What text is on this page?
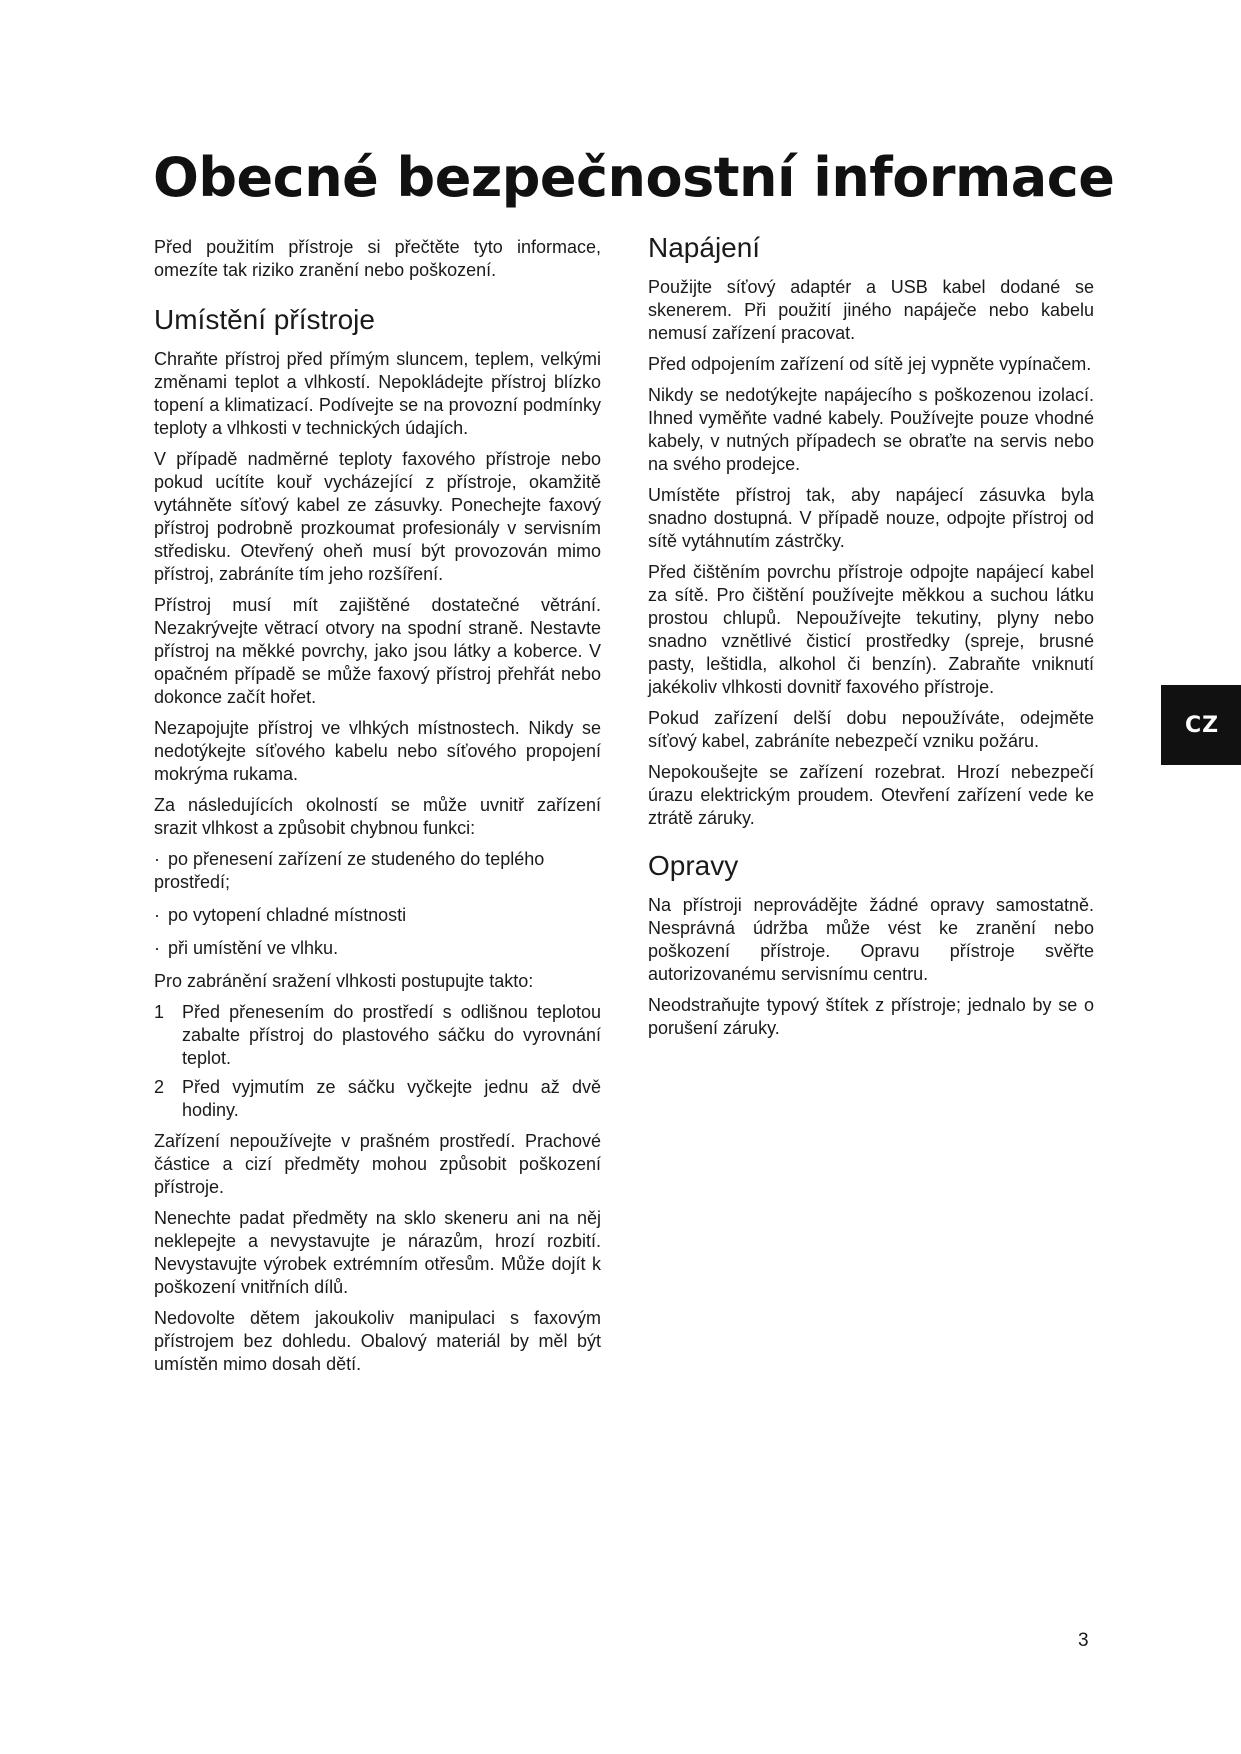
Obecné bezpečnostní informace

Před použitím přístroje si přečtěte tyto informace, omezíte tak riziko zranění nebo poškození.

Umístění přístroje

Chraňte přístroj před přímým sluncem, teplem, velkými změnami teplot a vlhkostí. Nepokládejte přístroj blízko topení a klimatizací. Podívejte se na provozní podmínky teploty a vlhkosti v technických údajích.

V případě nadměrné teploty faxového přístroje nebo pokud ucítíte kouř vycházející z přístroje, okamžitě vytáhněte síťový kabel ze zásuvky. Ponechejte faxový přístroj podrobně prozkoumat profesionály v servisním středisku. Otevřený oheň musí být provozován mimo přístroj, zabráníte tím jeho rozšíření.

Přístroj musí mít zajištěné dostatečné větrání. Nezakrývejte větrací otvory na spodní straně. Nestavte přístroj na měkké povrchy, jako jsou látky a koberce. V opačném případě se může faxový přístroj přehřát nebo dokonce začít hořet.

Nezapojujte přístroj ve vlhkých místnostech. Nikdy se nedotýkejte síťového kabelu nebo síťového propojení mokrýma rukama.

Za následujících okolností se může uvnitř zařízení srazit vlhkost a způsobit chybnou funkci:

· po přenesení zařízení ze studeného do teplého prostředí;
· po vytopení chladné místnosti
· při umístění ve vlhku.

Pro zabránění sražení vlhkosti postupujte takto:

1 Před přenesením do prostředí s odlišnou teplotou zabalte přístroj do plastového sáčku do vyrovnání teplot.
2 Před vyjmutím ze sáčku vyčkejte jednu až dvě hodiny.

Zařízení nepoužívejte v prašném prostředí. Prachové částice a cizí předměty mohou způsobit poškození přístroje.

Nenechte padat předměty na sklo skeneru ani na něj neklepejte a nevystavujte je nárazům, hrozí rozbití. Nevystavujte výrobek extrémním otřesům. Může dojít k poškození vnitřních dílů.

Nedovolte dětem jakoukoliv manipulaci s faxovým přístrojem bez dohledu. Obalový materiál by měl být umístěn mimo dosah dětí.

Napájení

Použijte síťový adaptér a USB kabel dodané se skenerem. Při použití jiného napáječe nebo kabelu nemusí zařízení pracovat.

Před odpojením zařízení od sítě jej vypněte vypínačem.

Nikdy se nedotýkejte napájecího s poškozenou izolací. Ihned vyměňte vadné kabely. Používejte pouze vhodné kabely, v nutných případech se obraťte na servis nebo na svého prodejce.

Umístěte přístroj tak, aby napájecí zásuvka byla snadno dostupná. V případě nouze, odpojte přístroj od sítě vytáhnutím zástrčky.

Před čištěním povrchu přístroje odpojte napájecí kabel za sítě. Pro čištění používejte měkkou a suchou látku prostou chlupů. Nepoužívejte tekutiny, plyny nebo snadno vznětlivé čisticí prostředky (spreje, brusné pasty, leštidla, alkohol či benzín). Zabraňte vniknutí jakékoliv vlhkosti dovnitř faxového přístroje.

Pokud zařízení delší dobu nepoužíváte, odejměte síťový kabel, zabráníte nebezpečí vzniku požáru.

Nepokoušejte se zařízení rozebrat. Hrozí nebezpečí úrazu elektrickým proudem. Otevření zařízení vede ke ztrátě záruky.

Opravy

Na přístroji neprovádějte žádné opravy samostatně. Nesprávná údržba může vést ke zranění nebo poškození přístroje. Opravu přístroje svěřte autorizovanému servisnímu centru.

Neodstraňujte typový štítek z přístroje; jednalo by se o porušení záruky.

CZ
3
